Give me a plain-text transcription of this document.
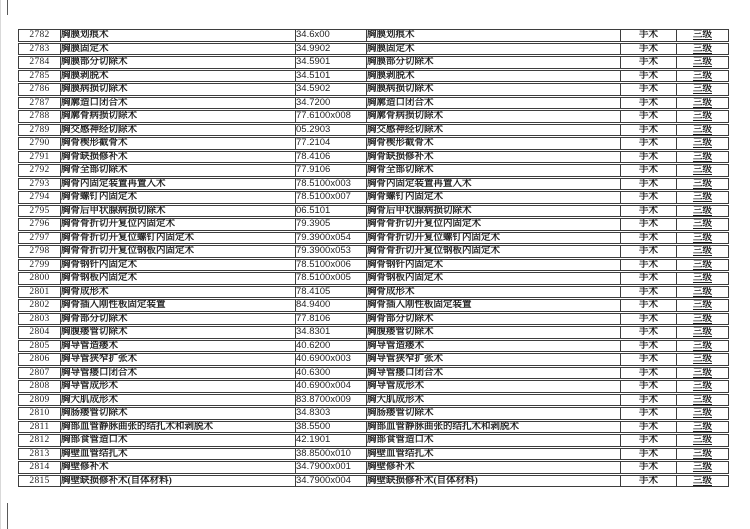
2782	胸膜划痕术	34.6x00	胸膜划痕术	手术	三级
2783	胸膜固定术	34.9902	胸膜固定术	手术	三级
2784	胸膜部分切除术	34.5901	胸膜部分切除术	手术	三级
2785	胸膜剥脱术	34.5101	胸膜剥脱术	手术	三级
2786	胸膜病损切除术	34.5902	胸膜病损切除术	手术	三级
2787	胸廓造口闭合术	34.7200	胸廓造口闭合术	手术	三级
2788	胸廓骨病损切除术	77.6100x008	胸廓骨病损切除术	手术	三级
2789	胸交感神经切除术	05.2903	胸交感神经切除术	手术	三级
2790	胸骨楔形截骨术	77.2104	胸骨楔形截骨术	手术	三级
2791	胸骨缺损修补术	78.4106	胸骨缺损修补术	手术	三级
2792	胸骨全部切除术	77.9106	胸骨全部切除术	手术	三级
2793	胸骨内固定装置再置入术	78.5100x003	胸骨内固定装置再置入术	手术	三级
2794	胸骨螺钉内固定术	78.5100x007	胸骨螺钉内固定术	手术	三级
2795	胸骨后甲状腺病损切除术	06.5101	胸骨后甲状腺病损切除术	手术	三级
2796	胸骨骨折切开复位内固定术	79.3905	胸骨骨折切开复位内固定术	手术	三级
2797	胸骨骨折切开复位螺钉内固定术	79.3900x054	胸骨骨折切开复位螺钉内固定术	手术	三级
2798	胸骨骨折切开复位钢板内固定术	79.3900x053	胸骨骨折切开复位钢板内固定术	手术	三级
2799	胸骨钢针内固定术	78.5100x006	胸骨钢针内固定术	手术	三级
2800	胸骨钢板内固定术	78.5100x005	胸骨钢板内固定术	手术	三级
2801	胸骨成形术	78.4105	胸骨成形术	手术	三级
2802	胸骨插入刚性板固定装置	84.9400	胸骨插入刚性板固定装置	手术	三级
2803	胸骨部分切除术	77.8106	胸骨部分切除术	手术	三级
2804	胸腹瘘管切除术	34.8301	胸腹瘘管切除术	手术	三级
2805	胸导管造瘘术	40.6200	胸导管造瘘术	手术	三级
2806	胸导管狭窄扩张术	40.6900x003	胸导管狭窄扩张术	手术	三级
2807	胸导管瘘口闭合术	40.6300	胸导管瘘口闭合术	手术	三级
2808	胸导管成形术	40.6900x004	胸导管成形术	手术	三级
2809	胸大肌成形术	83.8700x009	胸大肌成形术	手术	三级
2810	胸肠瘘管切除术	34.8303	胸肠瘘管切除术	手术	三级
2811	胸部血管静脉曲张的结扎术和剥脱术	38.5500	胸部血管静脉曲张的结扎术和剥脱术	手术	三级
2812	胸部食管造口术	42.1901	胸部食管造口术	手术	三级
2813	胸壁血管结扎术	38.8500x010	胸壁血管结扎术	手术	三级
2814	胸壁修补术	34.7900x001	胸壁修补术	手术	三级
2815	胸壁缺损修补术(自体材料)	34.7900x004	胸壁缺损修补术(自体材料)	手术	三级
